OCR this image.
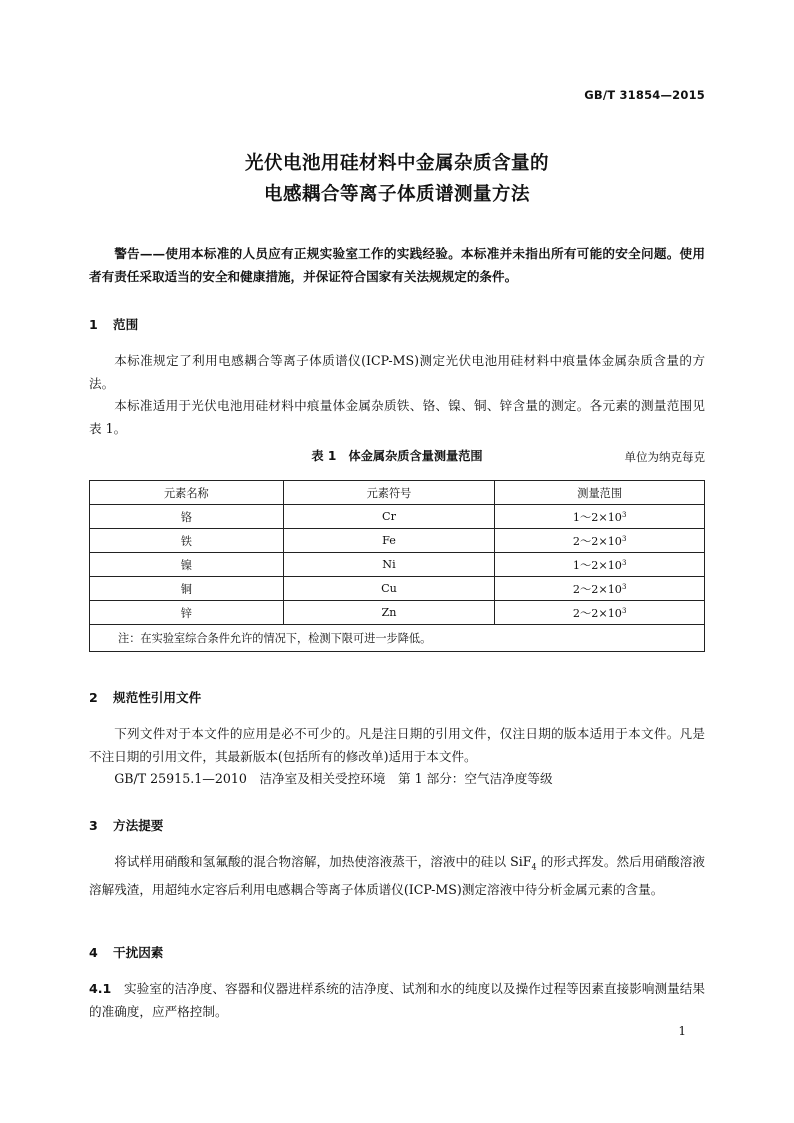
GB/T 31854—2015
光伏电池用硅材料中金属杂质含量的
电感耦合等离子体质谱测量方法

警告——使用本标准的人员应有正规实验室工作的实践经验。本标准并未指出所有可能的安全问题。使用者有责任采取适当的安全和健康措施，并保证符合国家有关法规规定的条件。

1 范围

本标准规定了利用电感耦合等离子体质谱仪(ICP-MS)测定光伏电池用硅材料中痕量体金属杂质含量的方法。

本标准适用于光伏电池用硅材料中痕量体金属杂质铁、铬、镍、铜、锌含量的测定。各元素的测量范围见表 1。

表 1　体金属杂质含量测量范围	单位为纳克每克
元素名称	元素符号	测量范围
铬	Cr	$1\sim 2\times 10^3$
铁	Fe	$2\sim 2\times 10^3$
镍	Ni	$1\sim 2\times 10^3$
铜	Cu	$2\sim 2\times 10^3$
锌	Zn	$2\sim 2\times 10^3$
注：在实验室综合条件允许的情况下，检测下限可进一步降低。		
2 规范性引用文件

下列文件对于本文件的应用是必不可少的。凡是注日期的引用文件，仅注日期的版本适用于本文件。凡是不注日期的引用文件，其最新版本(包括所有的修改单)适用于本文件。

GB/T 25915.1—2010　洁净室及相关受控环境　第 1 部分：空气洁净度等级

3 方法提要

将试样用硝酸和氢氟酸的混合物溶解，加热使溶液蒸干，溶液中的硅以 SiF$_4$ 的形式挥发。然后用硝酸溶液溶解残渣，用超纯水定容后利用电感耦合等离子体质谱仪(ICP-MS)测定溶液中待分析金属元素的含量。

4 干扰因素

4.1　 实验室的洁净度、容器和仪器进样系统的洁净度、试剂和水的纯度以及操作过程等因素直接影响测量结果的准确度，应严格控制。

1
